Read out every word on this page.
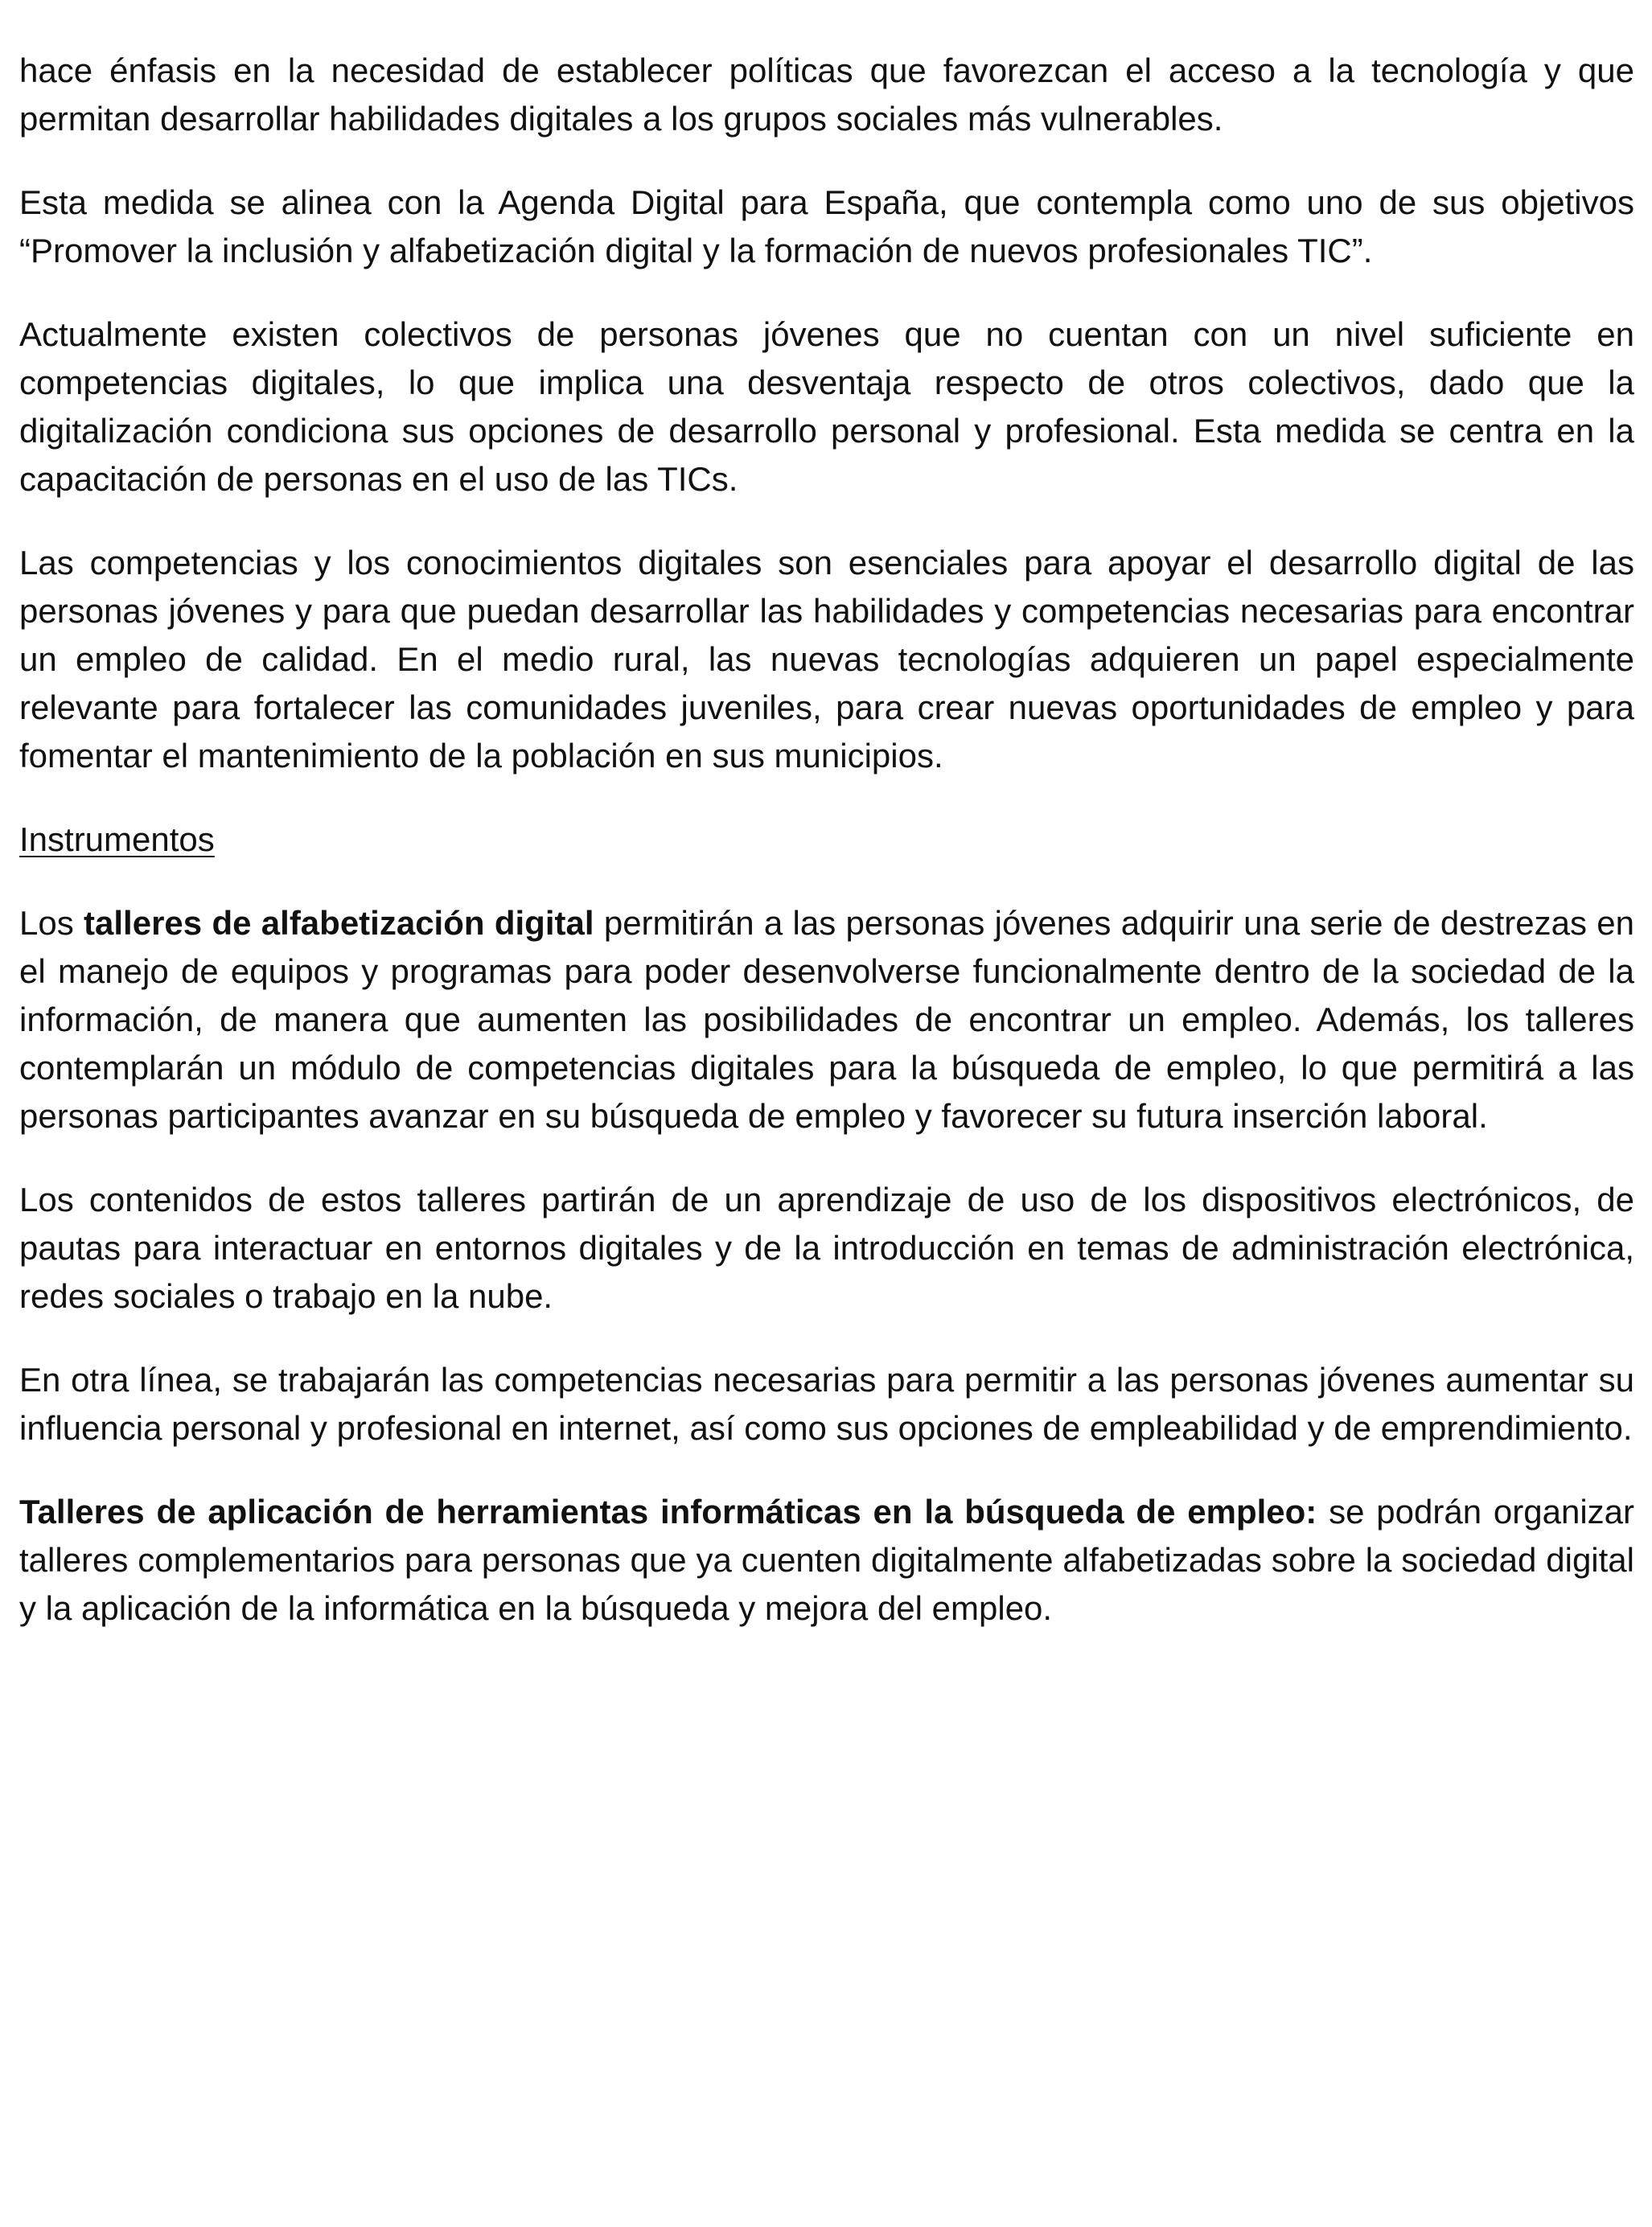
hace énfasis en la necesidad de establecer políticas que favorezcan el acceso a la tecnología y que permitan desarrollar habilidades digitales a los grupos sociales más vulnerables.

Esta medida se alinea con la Agenda Digital para España, que contempla como uno de sus objetivos “Promover la inclusión y alfabetización digital y la formación de nuevos profesionales TIC”.

Actualmente existen colectivos de personas jóvenes que no cuentan con un nivel suficiente en competencias digitales, lo que implica una desventaja respecto de otros colectivos, dado que la digitalización condiciona sus opciones de desarrollo personal y profesional. Esta medida se centra en la capacitación de personas en el uso de las TICs.

Las competencias y los conocimientos digitales son esenciales para apoyar el desarrollo digital de las personas jóvenes y para que puedan desarrollar las habilidades y competencias necesarias para encontrar un empleo de calidad. En el medio rural, las nuevas tecnologías adquieren un papel especialmente relevante para fortalecer las comunidades juveniles, para crear nuevas oportunidades de empleo y para fomentar el mantenimiento de la población en sus municipios.

Instrumentos

Los talleres de alfabetización digital permitirán a las personas jóvenes adquirir una serie de destrezas en el manejo de equipos y programas para poder desenvolverse funcionalmente dentro de la sociedad de la información, de manera que aumenten las posibilidades de encontrar un empleo. Además, los talleres contemplarán un módulo de competencias digitales para la búsqueda de empleo, lo que permitirá a las personas participantes avanzar en su búsqueda de empleo y favorecer su futura inserción laboral.

Los contenidos de estos talleres partirán de un aprendizaje de uso de los dispositivos electrónicos, de pautas para interactuar en entornos digitales y de la introducción en temas de administración electrónica, redes sociales o trabajo en la nube.

En otra línea, se trabajarán las competencias necesarias para permitir a las personas jóvenes aumentar su influencia personal y profesional en internet, así como sus opciones de empleabilidad y de emprendimiento.

Talleres de aplicación de herramientas informáticas en la búsqueda de empleo: se podrán organizar talleres complementarios para personas que ya cuenten digitalmente alfabetizadas sobre la sociedad digital y la aplicación de la informática en la búsqueda y mejora del empleo.
